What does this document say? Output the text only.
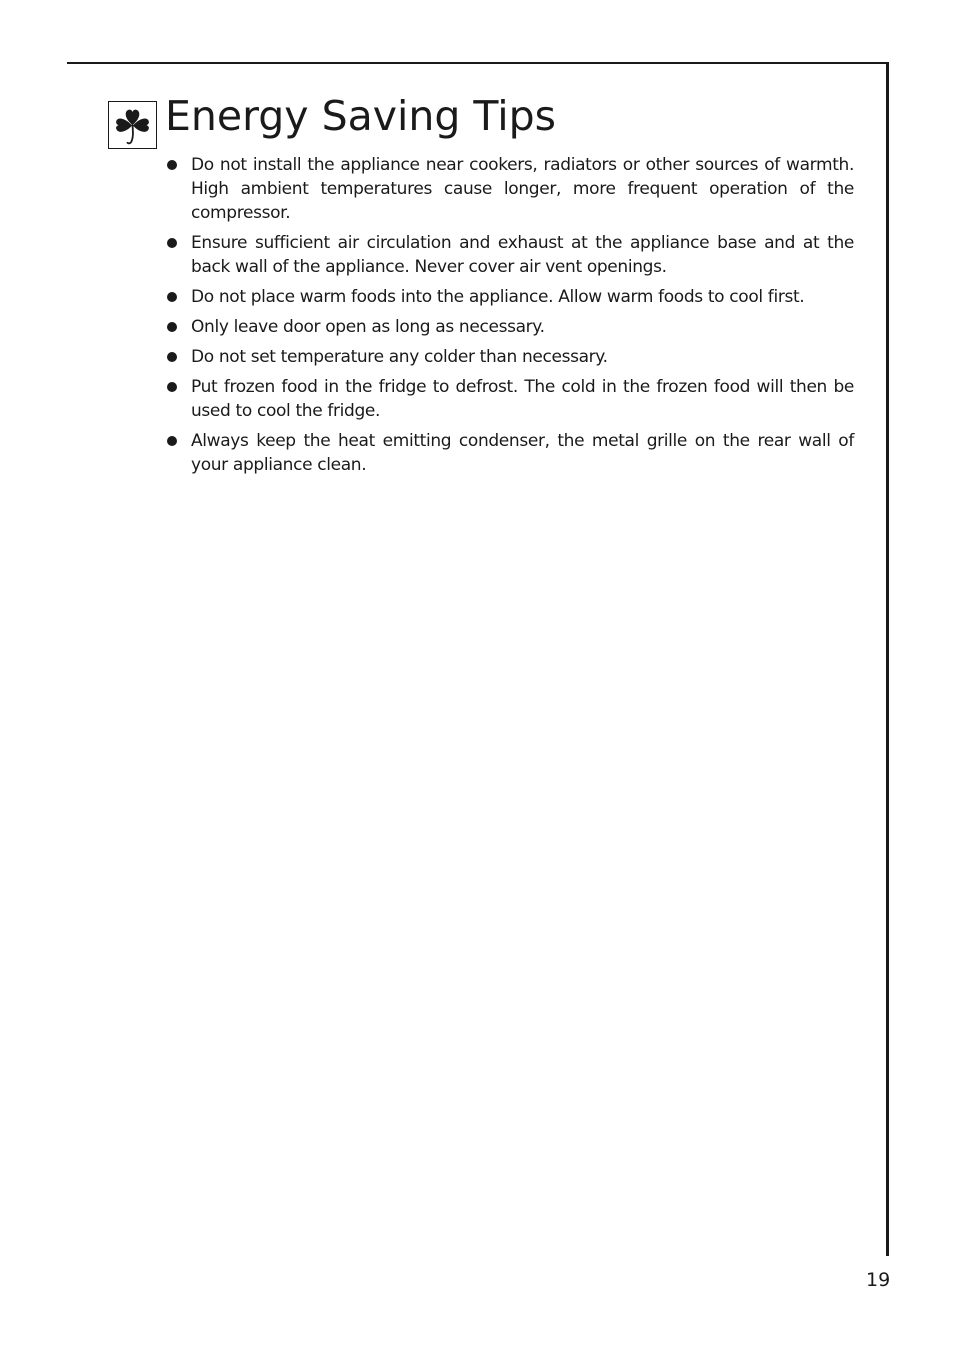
Energy Saving Tips
Do not install the appliance near cookers, radiators or other sources of warmth. High ambient temperatures cause longer, more frequent operation of the compressor.
Ensure sufficient air circulation and exhaust at the appliance base and at the back wall of the appliance. Never cover air vent openings.
Do not place warm foods into the appliance. Allow warm foods to cool first.
Only leave door open as long as necessary.
Do not set temperature any colder than necessary.
Put frozen food in the fridge to defrost. The cold in the frozen food will then be used to cool the fridge.
Always keep the heat emitting condenser, the metal grille on the rear wall of your appliance clean.
19
